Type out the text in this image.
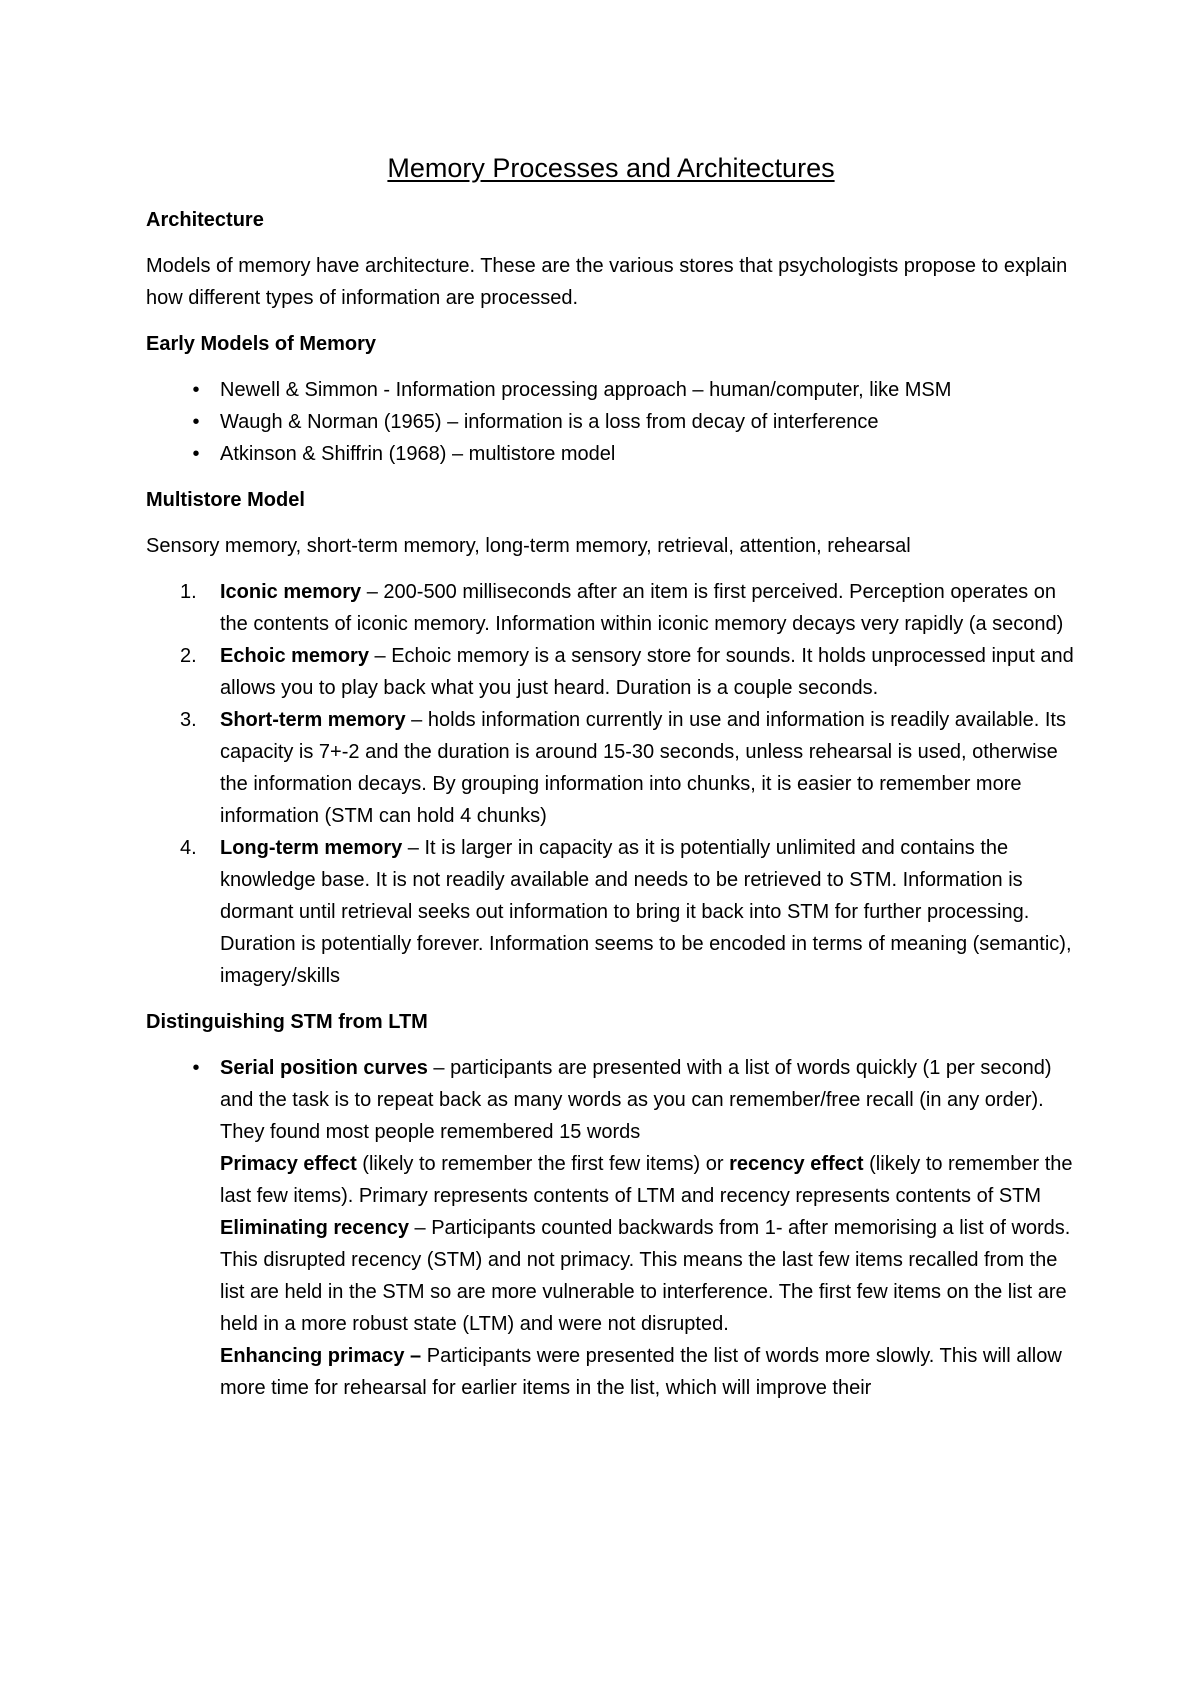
Memory Processes and Architectures
Architecture
Models of memory have architecture. These are the various stores that psychologists propose to explain how different types of information are processed.
Early Models of Memory
•	Newell & Simmon - Information processing approach – human/computer, like MSM
•	Waugh & Norman (1965) – information is a loss from decay of interference
•	Atkinson & Shiffrin (1968) – multistore model
Multistore Model
Sensory memory, short-term memory, long-term memory, retrieval, attention, rehearsal
1. Iconic memory – 200-500 milliseconds after an item is first perceived. Perception operates on the contents of iconic memory. Information within iconic memory decays very rapidly (a second)
2. Echoic memory – Echoic memory is a sensory store for sounds. It holds unprocessed input and allows you to play back what you just heard. Duration is a couple seconds.
3. Short-term memory – holds information currently in use and information is readily available. Its capacity is 7+-2 and the duration is around 15-30 seconds, unless rehearsal is used, otherwise the information decays. By grouping information into chunks, it is easier to remember more information (STM can hold 4 chunks)
4. Long-term memory – It is larger in capacity as it is potentially unlimited and contains the knowledge base. It is not readily available and needs to be retrieved to STM. Information is dormant until retrieval seeks out information to bring it back into STM for further processing. Duration is potentially forever. Information seems to be encoded in terms of meaning (semantic), imagery/skills
Distinguishing STM from LTM
•	Serial position curves – participants are presented with a list of words quickly (1 per second) and the task is to repeat back as many words as you can remember/free recall (in any order). They found most people remembered 15 words
Primacy effect (likely to remember the first few items) or recency effect (likely to remember the last few items). Primary represents contents of LTM and recency represents contents of STM
Eliminating recency – Participants counted backwards from 1- after memorising a list of words. This disrupted recency (STM) and not primacy. This means the last few items recalled from the list are held in the STM so are more vulnerable to interference. The first few items on the list are held in a more robust state (LTM) and were not disrupted.
Enhancing primacy – Participants were presented the list of words more slowly. This will allow more time for rehearsal for earlier items in the list, which will improve their
